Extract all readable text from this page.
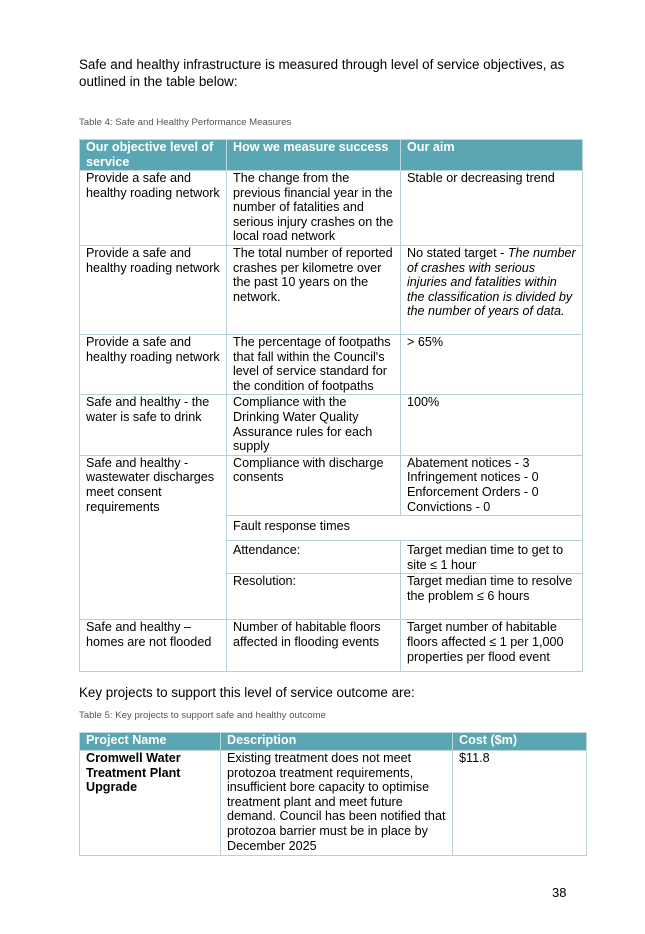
Safe and healthy infrastructure is measured through level of service objectives, as outlined in the table below:

Table 4: Safe and Healthy Performance Measures

Our objective level of service	How we measure success	Our aim
Provide a safe and healthy roading network	The change from the previous financial year in the number of fatalities and serious injury crashes on the local road network	Stable or decreasing trend
Provide a safe and healthy roading network	The total number of reported crashes per kilometre over the past 10 years on the network.	No stated target - The number of crashes with serious injuries and fatalities within the classification is divided by the number of years of data.
Provide a safe and healthy roading network	The percentage of footpaths that fall within the Council's level of service standard for the condition of footpaths	> 65%
Safe and healthy - the water is safe to drink	Compliance with the Drinking Water Quality Assurance rules for each supply	100%
Safe and healthy - wastewater discharges meet consent requirements	Compliance with discharge consents	Abatement notices - 3
Infringement notices - 0
Enforcement Orders - 0
Convictions - 0

	Fault response times	
	Attendance:	Target median time to get to site ≤ 1 hour
	Resolution:	Target median time to resolve the problem ≤ 6 hours
Safe and healthy – homes are not flooded	Number of habitable floors affected in flooding events	Target number of habitable floors affected ≤ 1 per 1,000 properties per flood event

Key projects to support this level of service outcome are:

Table 5: Key projects to support safe and healthy outcome

Project Name	Description	Cost ($m)
Cromwell Water Treatment Plant Upgrade	Existing treatment does not meet protozoa treatment requirements, insufficient bore capacity to optimise treatment plant and meet future demand. Council has been notified that protozoa barrier must be in place by December 2025	$11.8

38
